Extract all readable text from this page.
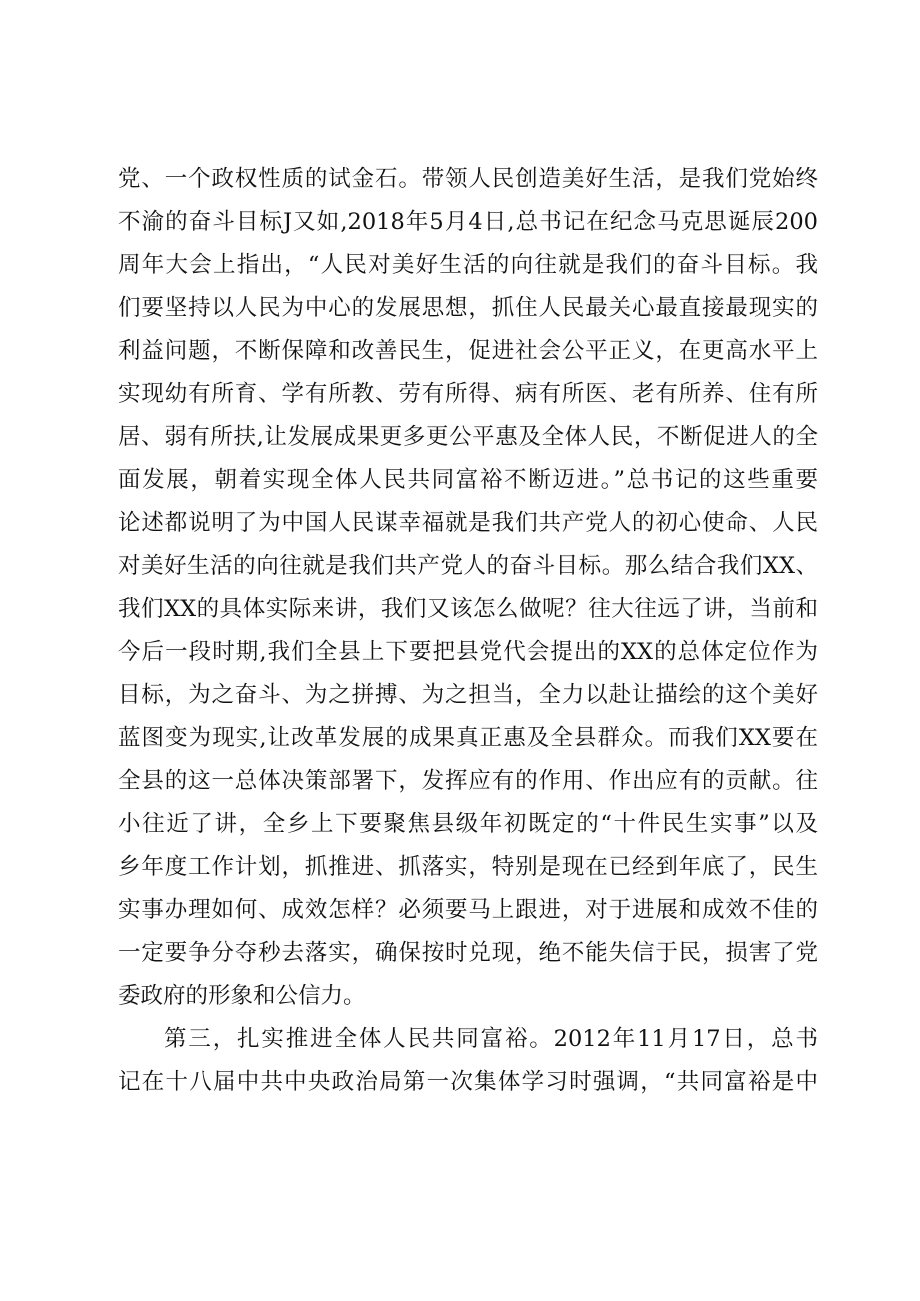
党、一个政权性质的试金石。带领人民创造美好生活，是我们党始终
不渝的奋斗目标J又如,2018年5月4日,总书记在纪念马克思诞辰200
周年大会上指出，“人民对美好生活的向往就是我们的奋斗目标。我
们要坚持以人民为中心的发展思想，抓住人民最关心最直接最现实的
利益问题，不断保障和改善民生，促进社会公平正义，在更高水平上
实现幼有所育、学有所教、劳有所得、病有所医、老有所养、住有所
居、弱有所扶,让发展成果更多更公平惠及全体人民，不断促进人的全
面发展，朝着实现全体人民共同富裕不断迈进。”总书记的这些重要
论述都说明了为中国人民谋幸福就是我们共产党人的初心使命、人民
对美好生活的向往就是我们共产党人的奋斗目标。那么结合我们XX、
我们XX的具体实际来讲，我们又该怎么做呢？往大往远了讲，当前和
今后一段时期,我们全县上下要把县党代会提出的XX的总体定位作为
目标，为之奋斗、为之拼搏、为之担当，全力以赴让描绘的这个美好
蓝图变为现实,让改革发展的成果真正惠及全县群众。而我们XX要在
全县的这一总体决策部署下，发挥应有的作用、作出应有的贡献。往
小往近了讲，全乡上下要聚焦县级年初既定的“十件民生实事”以及
乡年度工作计划，抓推进、抓落实，特别是现在已经到年底了，民生
实事办理如何、成效怎样？必须要马上跟进，对于进展和成效不佳的
一定要争分夺秒去落实，确保按时兑现，绝不能失信于民，损害了党
委政府的形象和公信力。
第三，扎实推进全体人民共同富裕。2012年11月17日，总书
记在十八届中共中央政治局第一次集体学习时强调，“共同富裕是中
